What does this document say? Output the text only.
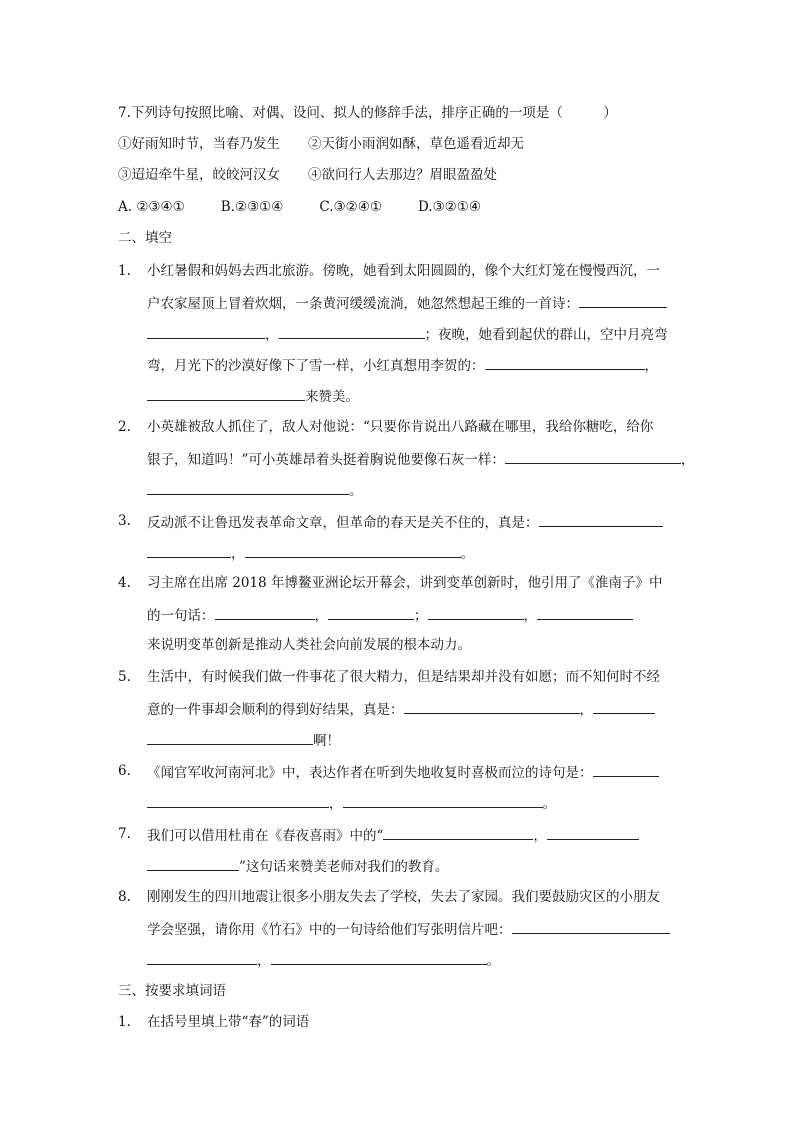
7.下列诗句按照比喻、对偶、设问、拟人的修辞手法，排序正确的一项是（　　　）
①好雨知时节，当春乃发生 ②天街小雨润如酥，草色遥看近却无
③迢迢牵牛星，皎皎河汉女 ④欲问行人去那边？眉眼盈盈处
A. ②③④①	B.②③①④	C.③②④①	D.③②①④
二、填空
1. 小红暑假和妈妈去西北旅游。傍晚，她看到太阳圆圆的，像个大红灯笼在慢慢西沉，一
户农家屋顶上冒着炊烟，一条黄河缓缓流淌，她忽然想起王维的一首诗：
，	；夜晚，她看到起伏的群山，空中月亮弯
弯，月光下的沙漠好像下了雪一样，小红真想用李贺的：	，
来赞美。
2. 小英雄被敌人抓住了，敌人对他说：“只要你肯说出八路藏在哪里，我给你糖吃，给你
银子，知道吗！”可小英雄昂着头挺着胸说他要像石灰一样：	，
。
3. 反动派不让鲁迅发表革命文章，但革命的春天是关不住的，真是：
，	。
4. 习主席在出席 2018 年博鳌亚洲论坛开幕会，讲到变革创新时，他引用了《淮南子》中
的一句话：	，	；	，
来说明变革创新是推动人类社会向前发展的根本动力。
5. 生活中，有时候我们做一件事花了很大精力，但是结果却并没有如愿；而不知何时不经
意的一件事却会顺利的得到好结果，真是：	，
啊！
6. 《闻官军收河南河北》中，表达作者在听到失地收复时喜极而泣的诗句是：
，	。
7. 我们可以借用杜甫在《春夜喜雨》中的“	，
”这句话来赞美老师对我们的教育。
8. 刚刚发生的四川地震让很多小朋友失去了学校，失去了家园。我们要鼓励灾区的小朋友
学会坚强，请你用《竹石》中的一句诗给他们写张明信片吧：
，	。
三、按要求填词语
1. 在括号里填上带“春”的词语
